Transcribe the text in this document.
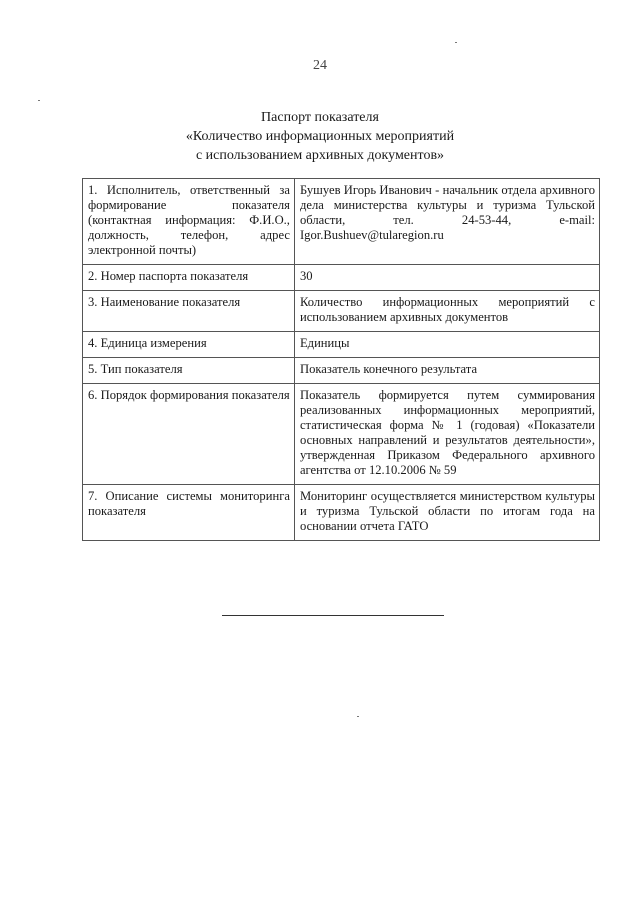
24
Паспорт показателя
«Количество информационных мероприятий
с использованием архивных документов»
1. Исполнитель, ответственный за формирование показателя (контактная информация: Ф.И.О., должность, телефон, адрес электронной почты)	Бушуев Игорь Иванович - начальник отдела архивного дела министерства культуры и туризма Тульской области, тел. 24-53-44, e-mail: Igor.Bushuev@tularegion.ru
2. Номер паспорта показателя	30
3. Наименование показателя	Количество информационных мероприятий с использованием архивных документов
4. Единица измерения	Единицы
5. Тип показателя	Показатель конечного результата
6. Порядок формирования показателя	Показатель формируется путем суммирования реализованных информационных мероприятий, статистическая форма № 1 (годовая) «Показатели основных направлений и результатов деятельности», утвержденная Приказом Федерального архивного агентства от 12.10.2006 № 59
7. Описание системы мониторинга показателя	Мониторинг осуществляется министерством культуры и туризма Тульской области по итогам года на основании отчета ГАТО
